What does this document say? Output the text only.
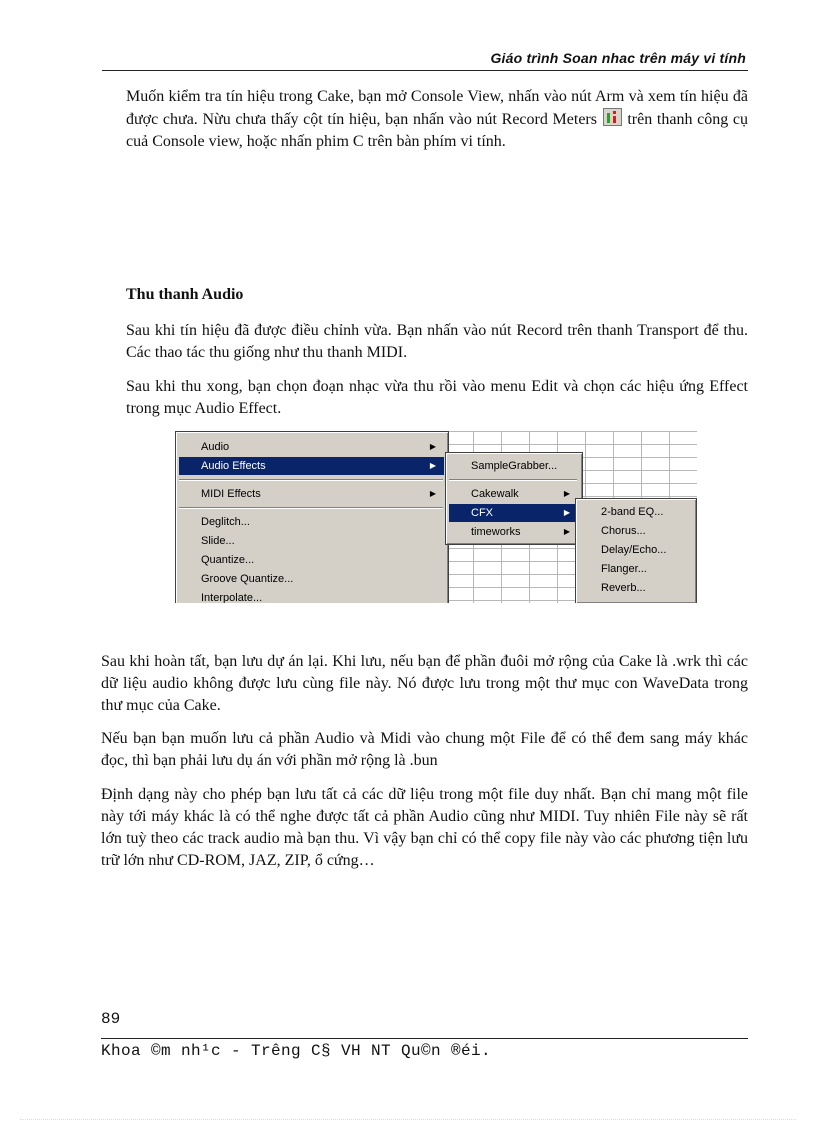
Giáo trình Soan nhac trên máy vi tính

Muốn kiểm tra tín hiệu trong Cake, bạn mở Console View, nhấn vào nút Arm và xem tín hiệu đã được chưa. Nừu chưa thấy cột tín hiệu, bạn nhấn vào nút Record Meters trên thanh công cụ cuả Console view, hoặc nhấn phim C trên bàn phím vi tính.

Thu thanh Audio

Sau khi tín hiệu đã được điều chỉnh vừa. Bạn nhấn vào nút Record trên thanh Transport để thu. Các thao tác thu giống như thu thanh MIDI.

Sau khi thu xong, bạn chọn đoạn nhạc vừa thu rồi vào menu Edit và chọn các hiệu ứng Effect trong mục Audio Effect.

Audio	▶
Audio Effects	▶
MIDI Effects	▶
Deglitch...
Slide...
Quantize...
Groove Quantize...
Interpolate...
SampleGrabber...
Cakewalk	▶
CFX	▶
timeworks	▶
2-band EQ...
Chorus...
Delay/Echo...
Flanger...
Reverb...

Sau khi hoàn tất, bạn lưu dự án lại. Khi lưu, nếu bạn để phần đuôi mở rộng của Cake là .wrk thì các dữ liệu audio không được lưu cùng file này. Nó được lưu trong một thư mục con WaveData trong thư mục của Cake.

Nếu bạn bạn muốn lưu cả phần Audio và Midi vào chung một File để có thể đem sang máy khác đọc, thì bạn phải lưu dụ án với phần mở rộng là .bun

Định dạng này cho phép bạn lưu tất cả các dữ liệu trong một file duy nhất. Bạn chỉ mang một file này tới máy khác là có thể nghe được tất cả phần Audio cũng như MIDI. Tuy nhiên File này sẽ rất lớn tuỳ theo các track audio mà bạn thu. Vì vậy bạn chỉ có thể copy file này vào các phương tiện lưu trữ lớn như CD-ROM, JAZ, ZIP, ổ cứng…

89
Khoa ©m nh¹c - Trêng C§ VH NT Qu©n ®éi.
